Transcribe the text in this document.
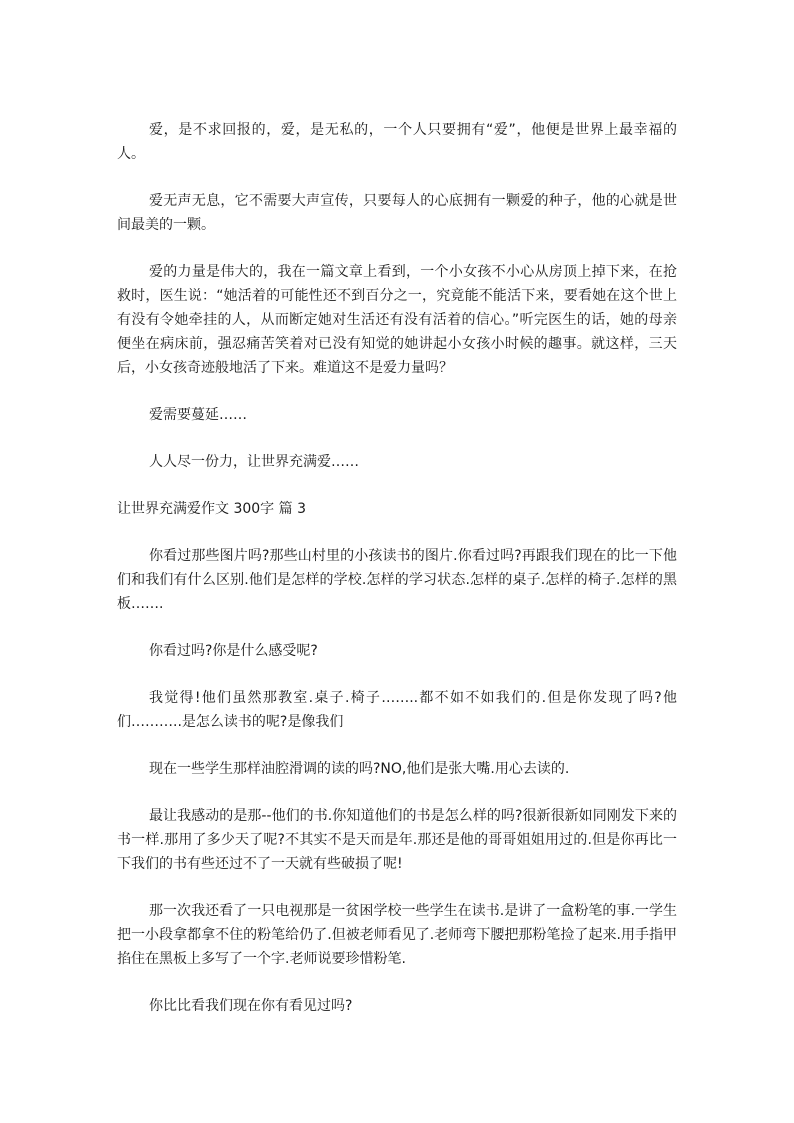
爱，是不求回报的，爱，是无私的，一个人只要拥有“爱”，他便是世界上最幸福的人。

爱无声无息，它不需要大声宣传，只要每人的心底拥有一颗爱的种子，他的心就是世间最美的一颗。

爱的力量是伟大的，我在一篇文章上看到，一个小女孩不小心从房顶上掉下来，在抢救时，医生说：“她活着的可能性还不到百分之一，究竟能不能活下来，要看她在这个世上有没有令她牵挂的人，从而断定她对生活还有没有活着的信心。”听完医生的话，她的母亲便坐在病床前，强忍痛苦笑着对已没有知觉的她讲起小女孩小时候的趣事。就这样，三天后，小女孩奇迹般地活了下来。难道这不是爱力量吗？

爱需要蔓延……

人人尽一份力，让世界充满爱……

让世界充满爱作文 300字 篇 3

你看过那些图片吗?那些山村里的小孩读书的图片.你看过吗?再跟我们现在的比一下他们和我们有什么区别.他们是怎样的学校.怎样的学习状态.怎样的桌子.怎样的椅子.怎样的黑板…….

你看过吗?你是什么感受呢?

我觉得!他们虽然那教室.桌子.椅子……..都不如不如我们的.但是你发现了吗?他们………..是怎么读书的呢?是像我们

现在一些学生那样油腔滑调的读的吗?NO,他们是张大嘴.用心去读的.

最让我感动的是那--他们的书.你知道他们的书是怎么样的吗?很新很新如同刚发下来的书一样.那用了多少天了呢?不其实不是天而是年.那还是他的哥哥姐姐用过的.但是你再比一下我们的书有些还过不了一天就有些破损了呢!

那一次我还看了一只电视那是一贫困学校一些学生在读书.是讲了一盒粉笔的事.一学生把一小段拿都拿不住的粉笔给仍了.但被老师看见了.老师弯下腰把那粉笔捡了起来.用手指甲掐住在黑板上多写了一个字.老师说要珍惜粉笔.

你比比看我们现在你有看见过吗?
